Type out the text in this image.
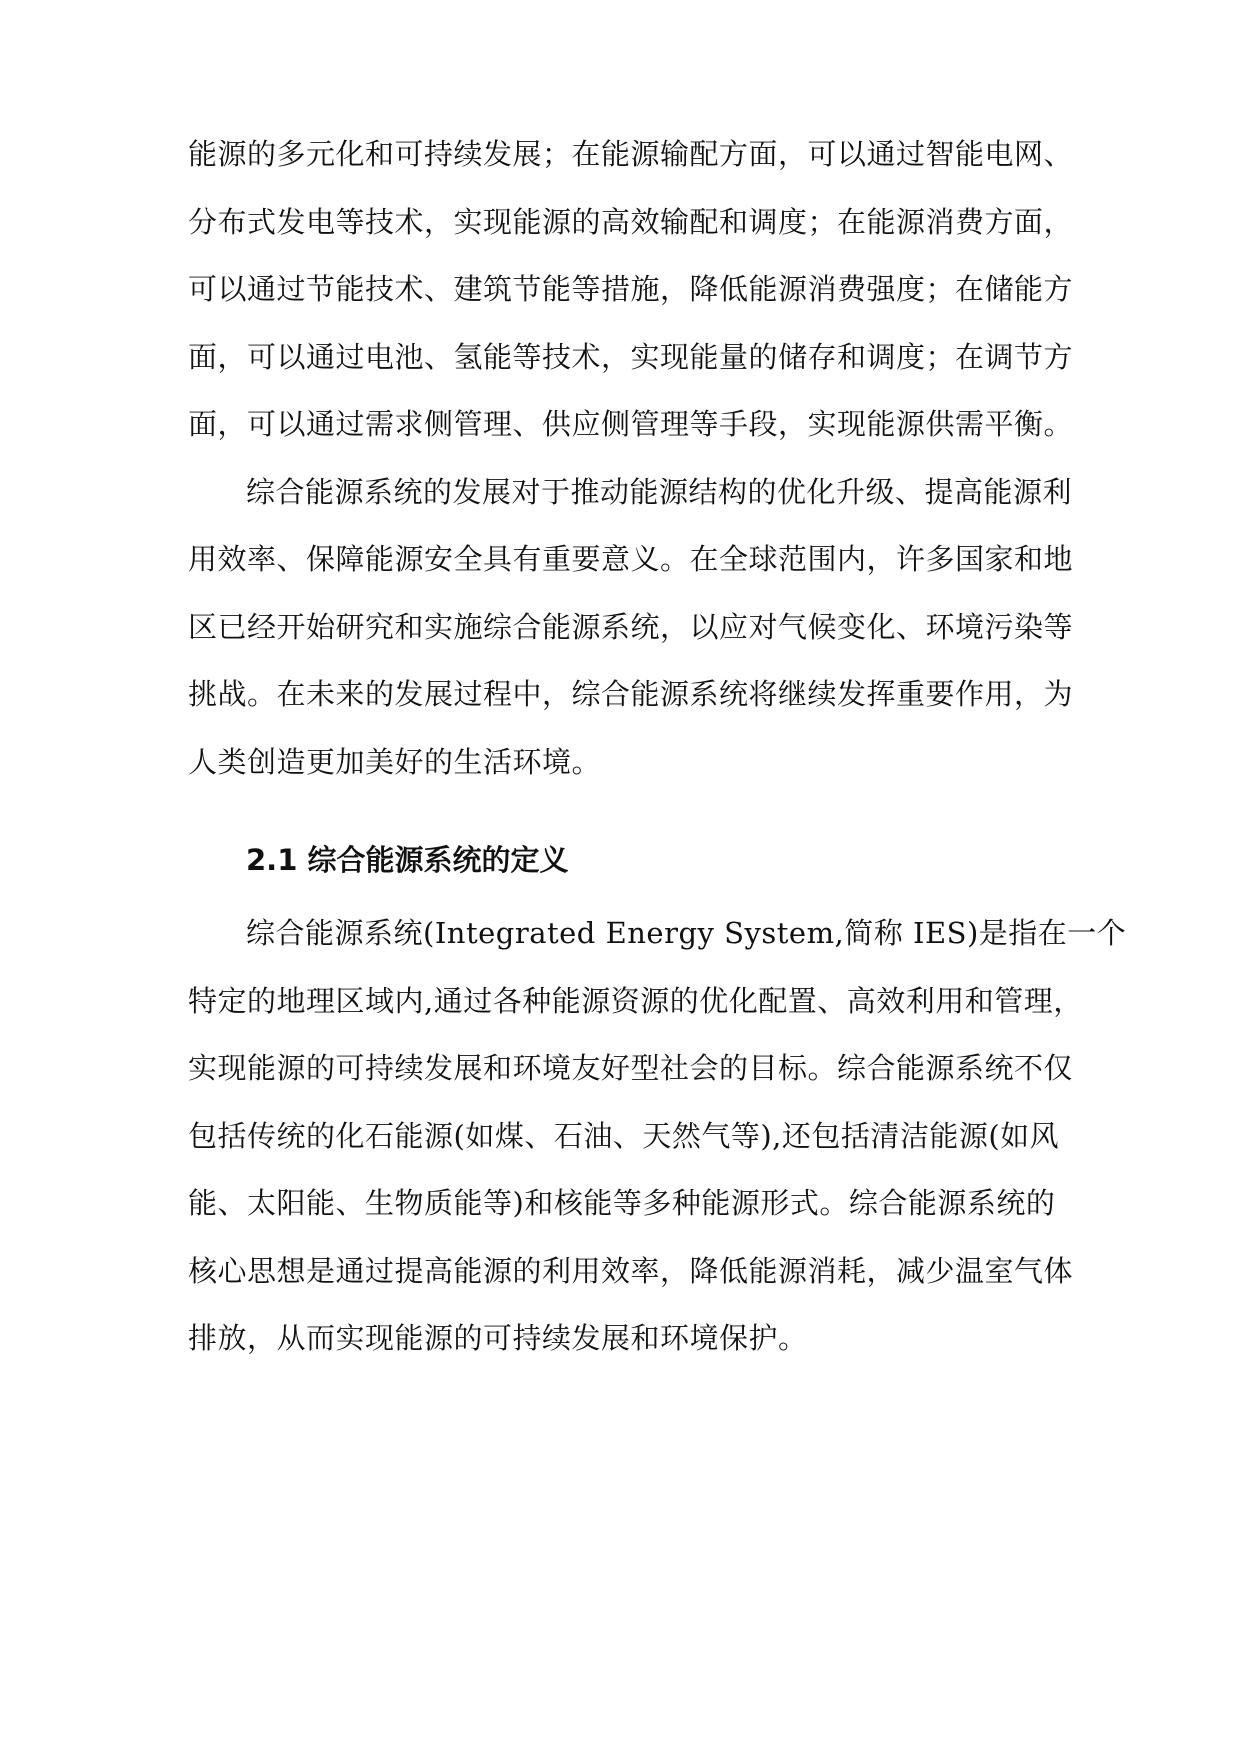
能源的多元化和可持续发展；在能源输配方面，可以通过智能电网、
分布式发电等技术，实现能源的高效输配和调度；在能源消费方面，
可以通过节能技术、建筑节能等措施，降低能源消费强度；在储能方
面，可以通过电池、氢能等技术，实现能量的储存和调度；在调节方
面，可以通过需求侧管理、供应侧管理等手段，实现能源供需平衡。
综合能源系统的发展对于推动能源结构的优化升级、提高能源利
用效率、保障能源安全具有重要意义。在全球范围内，许多国家和地
区已经开始研究和实施综合能源系统，以应对气候变化、环境污染等
挑战。在未来的发展过程中，综合能源系统将继续发挥重要作用，为
人类创造更加美好的生活环境。
2.1 综合能源系统的定义
综合能源系统(Integrated Energy System,简称 IES)是指在一个
特定的地理区域内,通过各种能源资源的优化配置、高效利用和管理，
实现能源的可持续发展和环境友好型社会的目标。综合能源系统不仅
包括传统的化石能源(如煤、石油、天然气等),还包括清洁能源(如风
能、太阳能、生物质能等)和核能等多种能源形式。综合能源系统的
核心思想是通过提高能源的利用效率，降低能源消耗，减少温室气体
排放，从而实现能源的可持续发展和环境保护。
